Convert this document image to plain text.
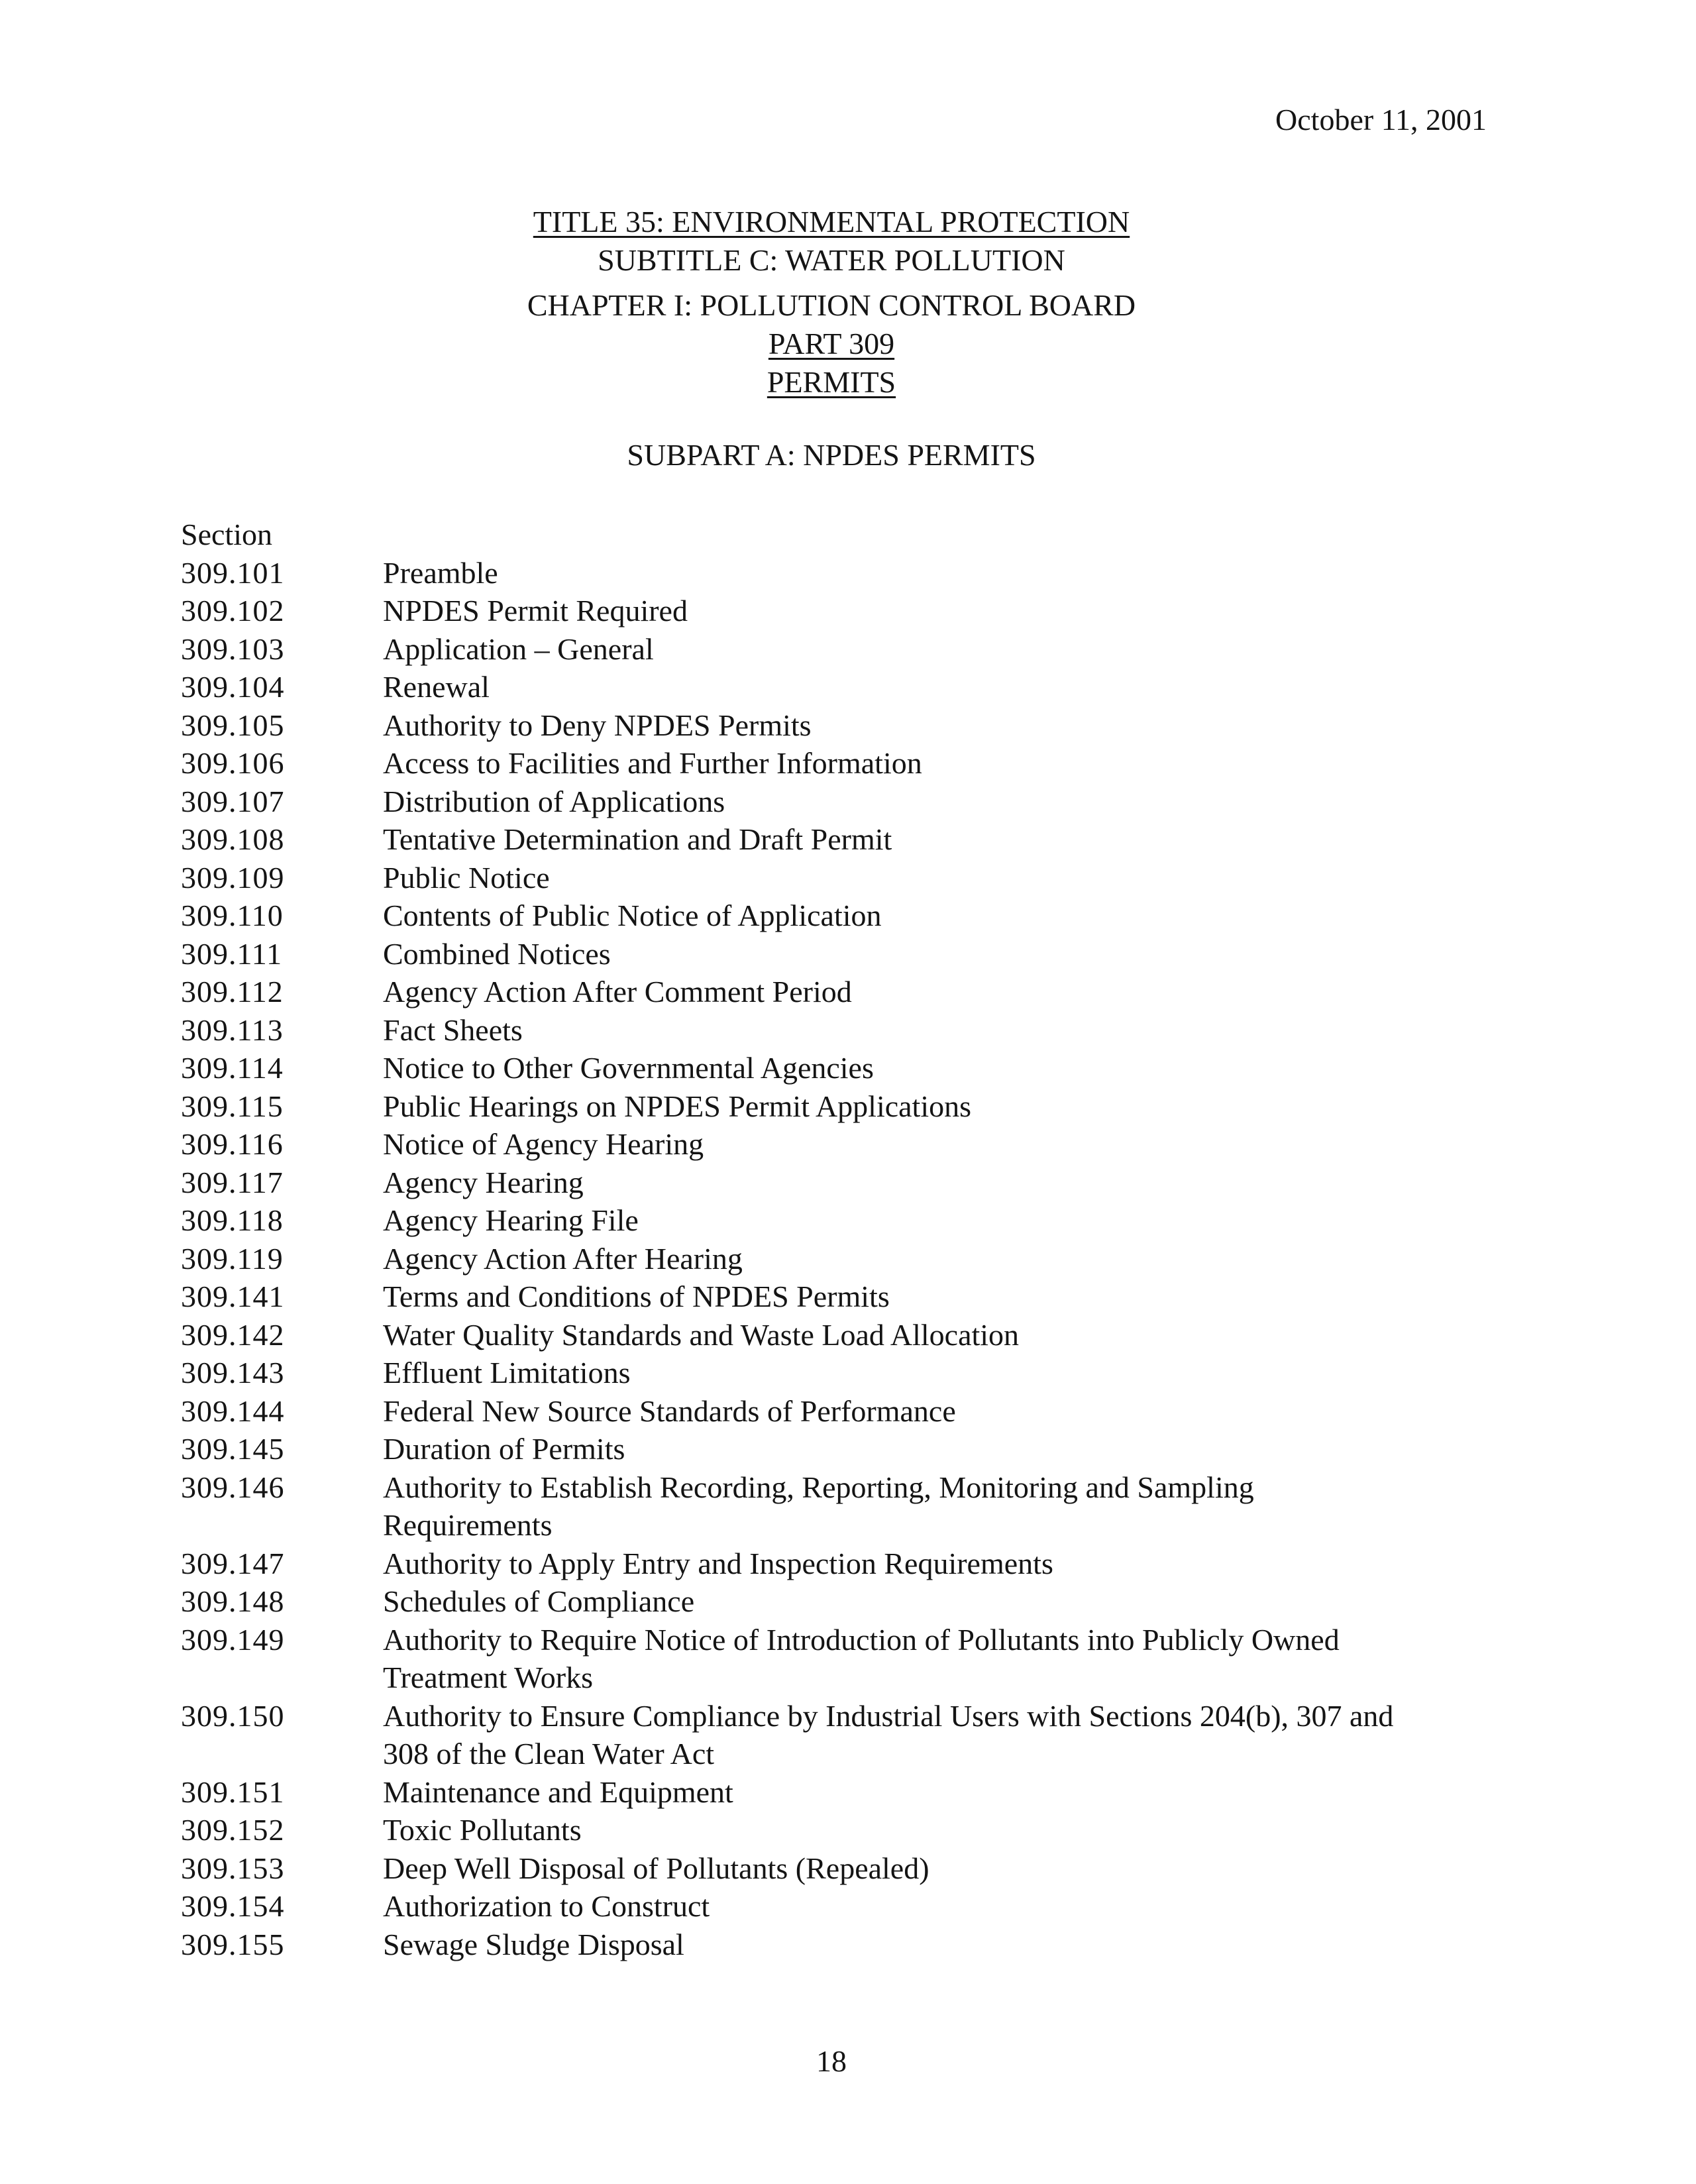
October 11, 2001
TITLE 35: ENVIRONMENTAL PROTECTION
SUBTITLE C: WATER POLLUTION
CHAPTER I: POLLUTION CONTROL BOARD
PART 309
PERMITS
SUBPART A: NPDES PERMITS
Section
309.101	Preamble
309.102	NPDES Permit Required
309.103	Application – General
309.104	Renewal
309.105	Authority to Deny NPDES Permits
309.106	Access to Facilities and Further Information
309.107	Distribution of Applications
309.108	Tentative Determination and Draft Permit
309.109	Public Notice
309.110	Contents of Public Notice of Application
309.111	Combined Notices
309.112	Agency Action After Comment Period
309.113	Fact Sheets
309.114	Notice to Other Governmental Agencies
309.115	Public Hearings on NPDES Permit Applications
309.116	Notice of Agency Hearing
309.117	Agency Hearing
309.118	Agency Hearing File
309.119	Agency Action After Hearing
309.141	Terms and Conditions of NPDES Permits
309.142	Water Quality Standards and Waste Load Allocation
309.143	Effluent Limitations
309.144	Federal New Source Standards of Performance
309.145	Duration of Permits
309.146	Authority to Establish Recording, Reporting, Monitoring and Sampling Requirements
309.147	Authority to Apply Entry and Inspection Requirements
309.148	Schedules of Compliance
309.149	Authority to Require Notice of Introduction of Pollutants into Publicly Owned Treatment Works
309.150	Authority to Ensure Compliance by Industrial Users with Sections 204(b), 307 and 308 of the Clean Water Act
309.151	Maintenance and Equipment
309.152	Toxic Pollutants
309.153	Deep Well Disposal of Pollutants (Repealed)
309.154	Authorization to Construct
309.155	Sewage Sludge Disposal
18
